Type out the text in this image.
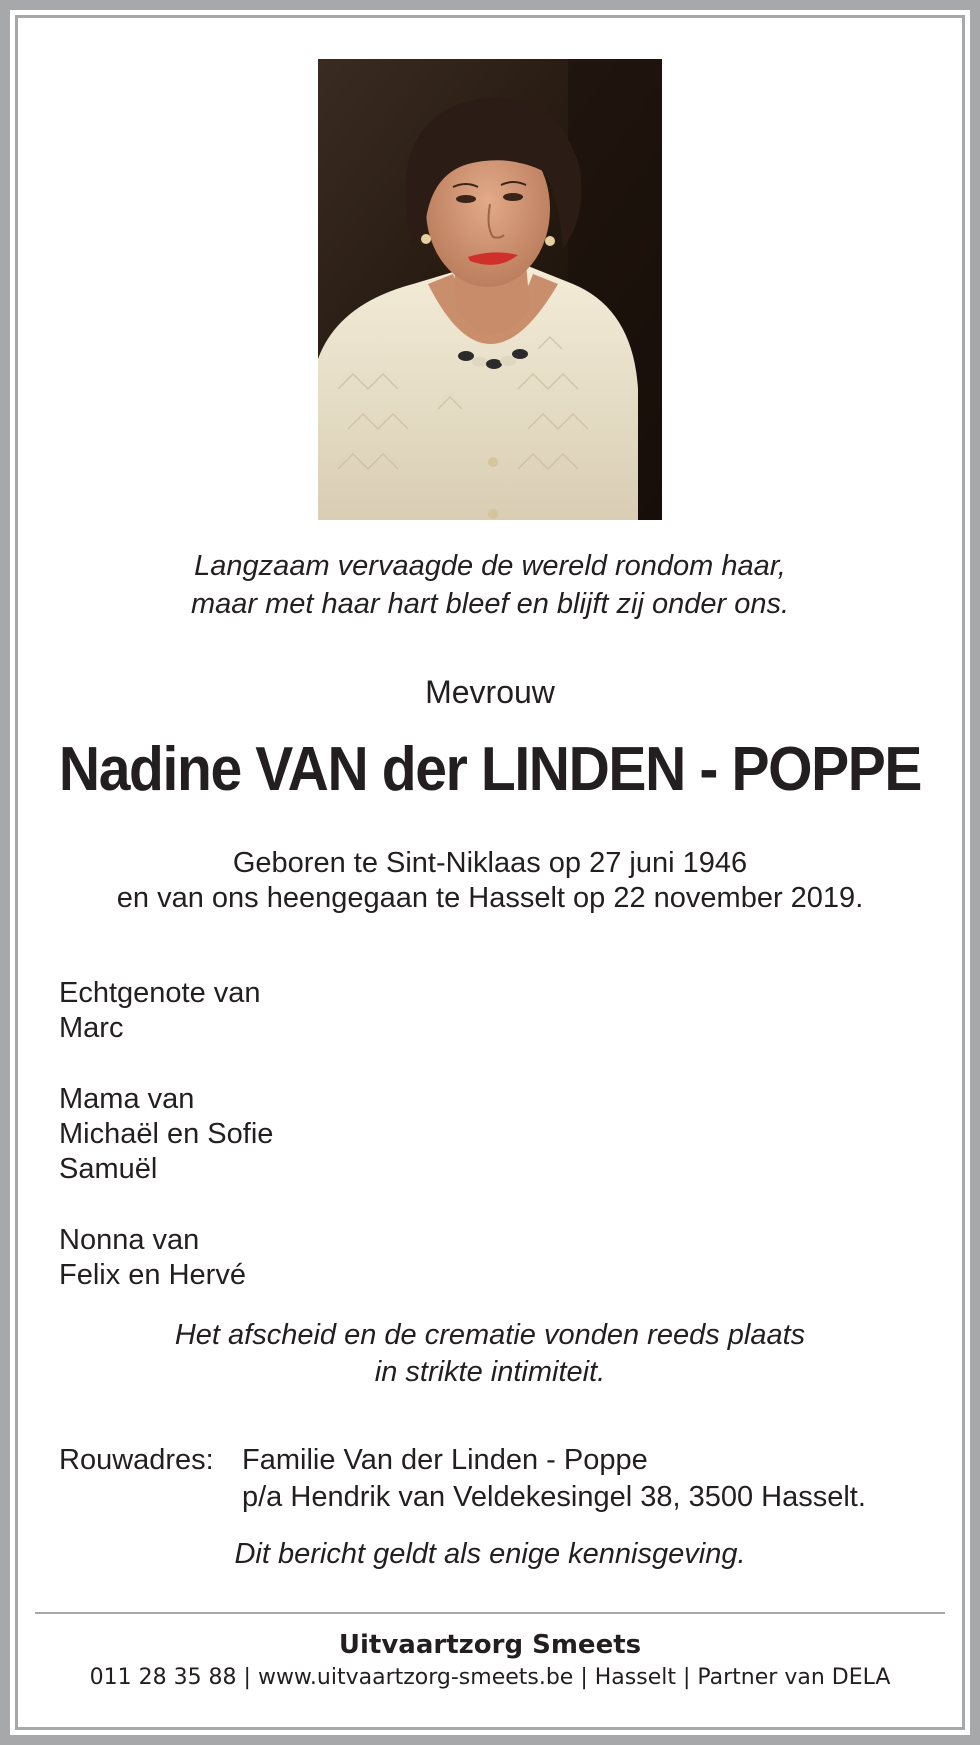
Langzaam vervaagde de wereld rondom haar,
maar met haar hart bleef en blijft zij onder ons.
Mevrouw
Nadine VAN der LINDEN - POPPE
Geboren te Sint-Niklaas op 27 juni 1946
en van ons heengegaan te Hasselt op 22 november 2019.
Echtgenote van
Marc
Mama van
Michaël en Sofie
Samuël
Nonna van
Felix en Hervé
Het afscheid en de crematie vonden reeds plaats
in strikte intimiteit.
Rouwadres: Familie Van der Linden - Poppe
p/a Hendrik van Veldekesingel 38, 3500 Hasselt.
Dit bericht geldt als enige kennisgeving.
Uitvaartzorg Smeets
011 28 35 88 | www.uitvaartzorg-smeets.be | Hasselt | Partner van DELA
